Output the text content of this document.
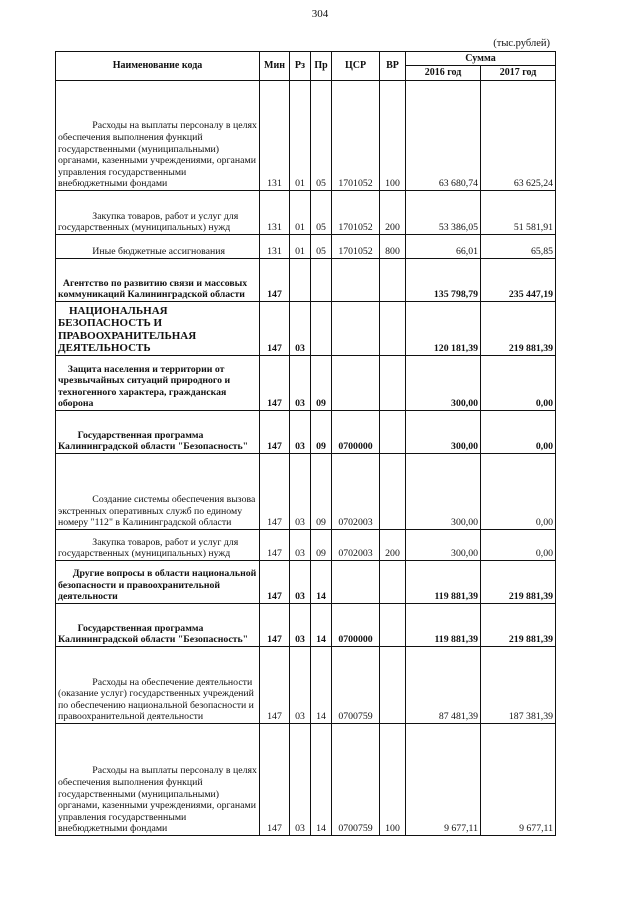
304
(тыс.рублей)
Наименование кода	Мин	Рз	Пр	ЦСР	ВР	Сумма	
						2016 год	2017 год
Расходы на выплаты персоналу в целях обеспечения выполнения функций государственными (муниципальными) органами, казенными учреждениями, органами управления государственными внебюджетными фондами	131	01	05	1701052	100	63 680,74	63 625,24
Закупка товаров, работ и услуг для государственных (муниципальных) нужд	131	01	05	1701052	200	53 386,05	51 581,91
Иные бюджетные ассигнования	131	01	05	1701052	800	66,01	65,85
Агентство по развитию связи и массовых коммуникаций Калининградской области	147					135 798,79	235 447,19
НАЦИОНАЛЬНАЯ БЕЗОПАСНОСТЬ И ПРАВООХРАНИТЕЛЬНАЯ ДЕЯТЕЛЬНОСТЬ	147	03				120 181,39	219 881,39
Защита населения и территории от чрезвычайных ситуаций природного и техногенного характера, гражданская оборона	147	03	09			300,00	0,00
Государственная программа Калининградской области "Безопасность"	147	03	09	0700000		300,00	0,00
Создание системы обеспечения вызова экстренных оперативных служб по единому номеру "112" в Калининградской области	147	03	09	0702003		300,00	0,00
Закупка товаров, работ и услуг для государственных (муниципальных) нужд	147	03	09	0702003	200	300,00	0,00
Другие вопросы в области национальной безопасности и правоохранительной деятельности	147	03	14			119 881,39	219 881,39
Государственная программа Калининградской области "Безопасность"	147	03	14	0700000		119 881,39	219 881,39
Расходы на обеспечение деятельности (оказание услуг) государственных учреждений по обеспечению национальной безопасности и правоохранительной деятельности	147	03	14	0700759		87 481,39	187 381,39
Расходы на выплаты персоналу в целях обеспечения выполнения функций государственными (муниципальными) органами, казенными учреждениями, органами управления государственными внебюджетными фондами	147	03	14	0700759	100	9 677,11	9 677,11
